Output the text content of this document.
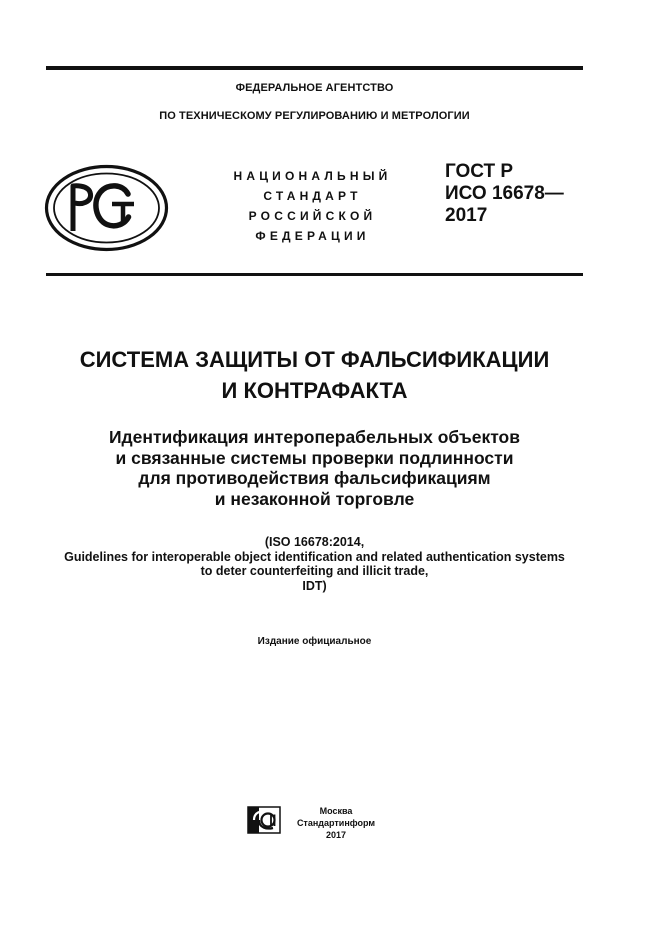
ФЕДЕРАЛЬНОЕ АГЕНТСТВО
ПО ТЕХНИЧЕСКОМУ РЕГУЛИРОВАНИЮ И МЕТРОЛОГИИ
НАЦИОНАЛЬНЫЙ
СТАНДАРТ
РОССИЙСКОЙ
ФЕДЕРАЦИИ
ГОСТ Р
ИСО 16678—
2017
СИСТЕМА ЗАЩИТЫ ОТ ФАЛЬСИФИКАЦИИ
И КОНТРАФАКТА
Идентификация интероперабельных объектов
и связанные системы проверки подлинности
для противодействия фальсификациям
и незаконной торговле
(ISO 16678:2014,
Guidelines for interoperable object identification and related authentication systems
to deter counterfeiting and illicit trade,
IDT)
Издание официальное
Москва
Стандартинформ
2017
